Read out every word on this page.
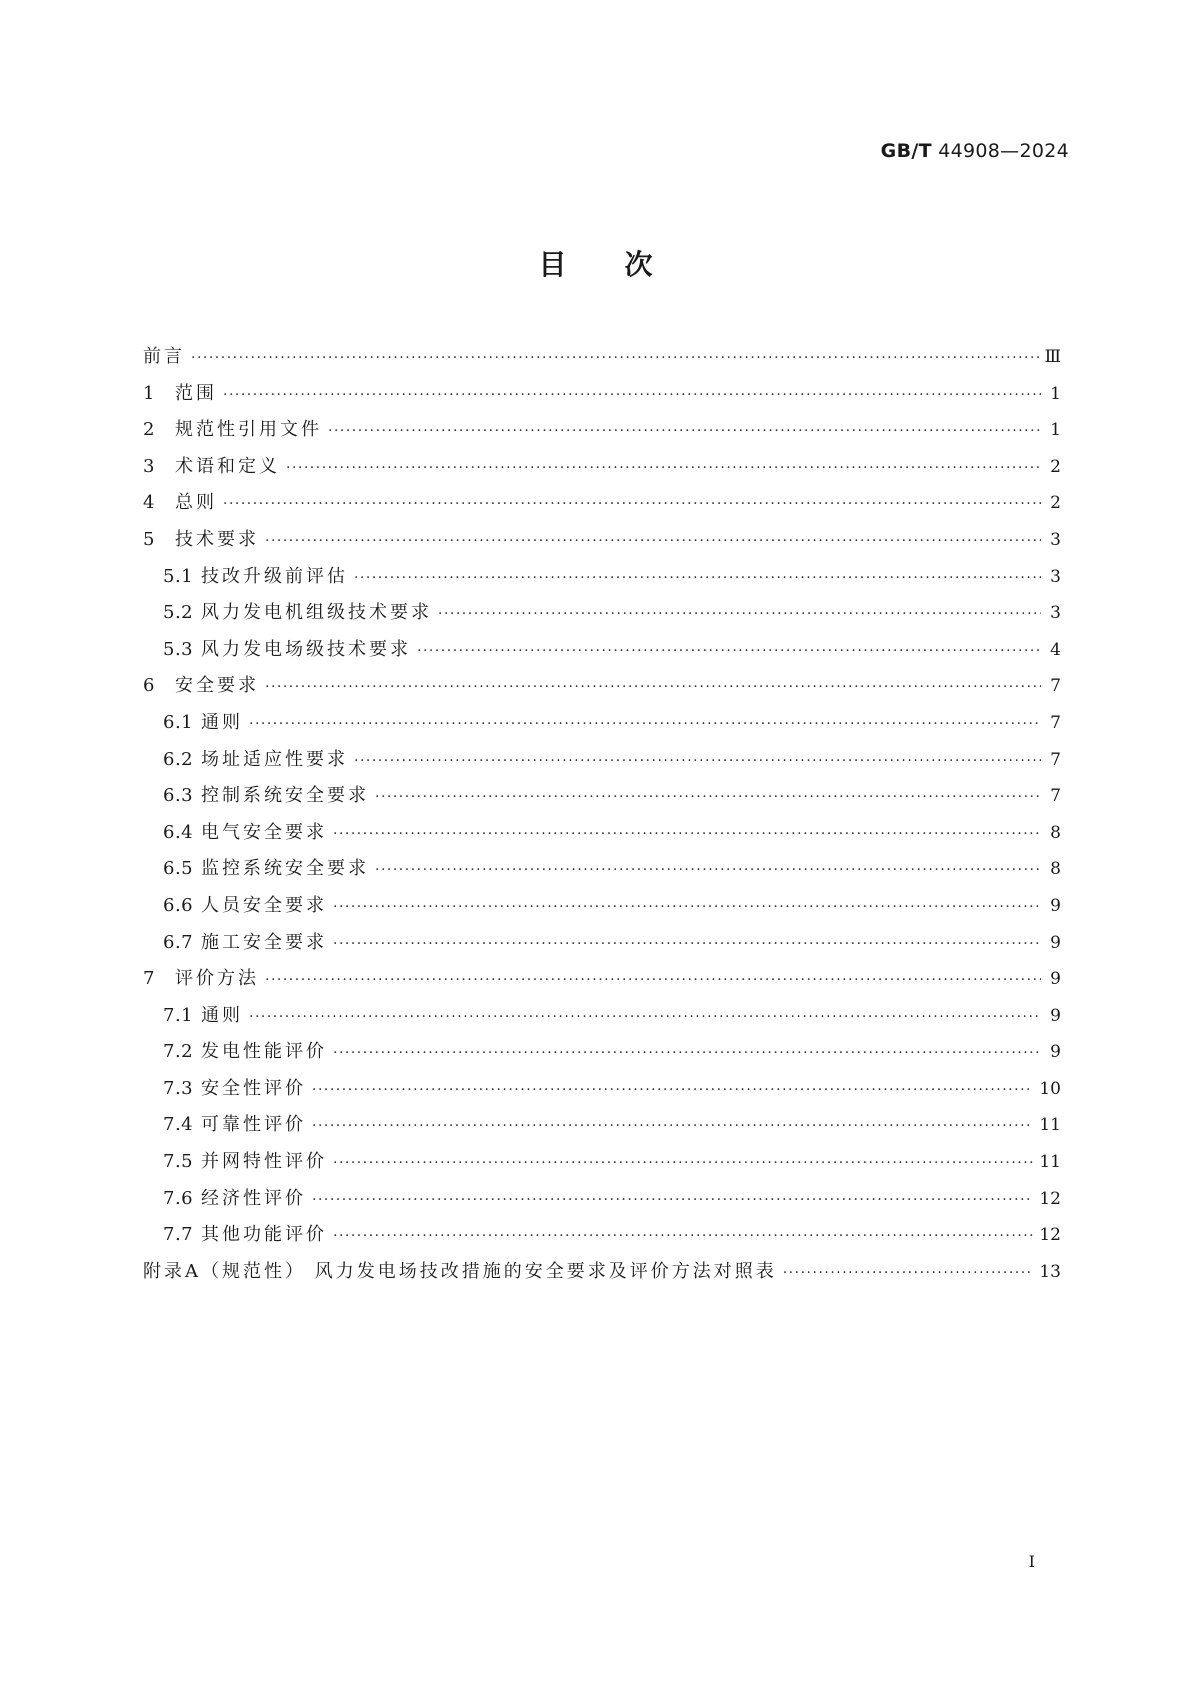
GB/T 44908—2024
目次
前言 ·····	Ⅲ
1	范围 ·····	1
2	规范性引用文件 ·····	1
3	术语和定义 ·····	2
4	总则 ·····	2
5	技术要求 ·····	3
5.1 技改升级前评估 ·····	3
5.2 风力发电机组级技术要求 ·····	3
5.3 风力发电场级技术要求 ·····	4
6	安全要求 ·····	7
6.1 通则 ·····	7
6.2 场址适应性要求 ·····	7
6.3 控制系统安全要求 ·····	7
6.4 电气安全要求 ·····	8
6.5 监控系统安全要求 ·····	8
6.6 人员安全要求 ·····	9
6.7 施工安全要求 ·····	9
7	评价方法 ·····	9
7.1 通则 ·····	9
7.2 发电性能评价 ·····	9
7.3 安全性评价 ·····	10
7.4 可靠性评价 ·····	11
7.5 并网特性评价 ·····	11
7.6 经济性评价 ·····	12
7.7 其他功能评价 ·····	12
附录A（规范性） 风力发电场技改措施的安全要求及评价方法对照表 ·····	13
I
